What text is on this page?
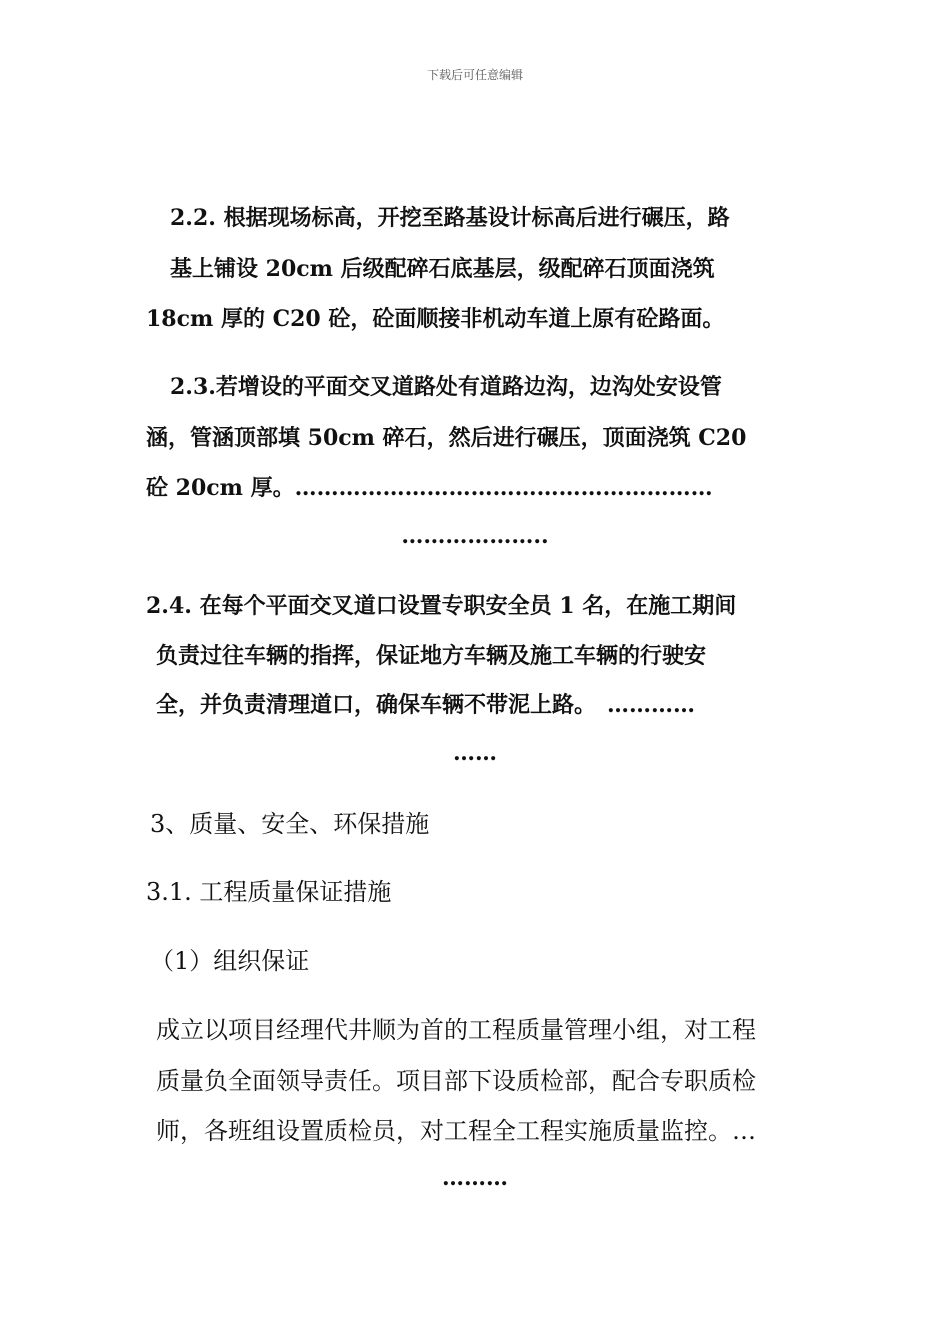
下载后可任意编辑
2.2. 根据现场标高，开挖至路基设计标高后进行碾压，路
基上铺设 20cm 后级配碎石底基层，级配碎石顶面浇筑
18cm 厚的 C20 砼，砼面顺接非机动车道上原有砼路面。
2.3.若增设的平面交叉道路处有道路边沟，边沟处安设管
涵，管涵顶部填 50cm 碎石，然后进行碾压，顶面浇筑 C20
砼 20cm 厚。…………………………………………………
………………..
2.4. 在每个平面交叉道口设置专职安全员 1 名，在施工期间
负责过往车辆的指挥，保证地方车辆及施工车辆的行驶安
全，并负责清理道口，确保车辆不带泥上路。　…………
……
3、质量、安全、环保措施
3.1. 工程质量保证措施
（1）组织保证
成立以项目经理代井顺为首的工程质量管理小组，对工程
质量负全面领导责任。项目部下设质检部，配合专职质检
师，各班组设置质检员，对工程全工程实施质量监控。…
………
